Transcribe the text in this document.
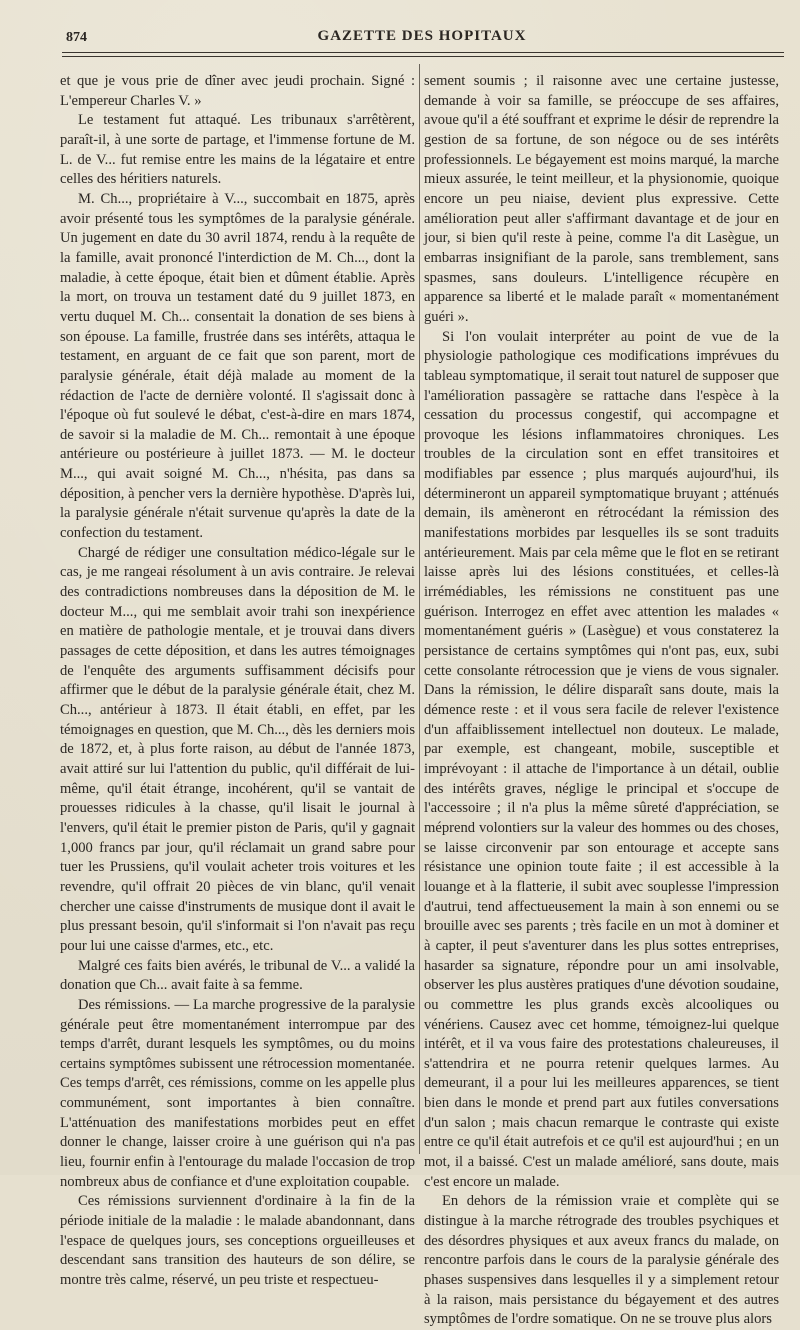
874	GAZETTE DES HOPITAUX

et que je vous prie de dîner avec jeudi prochain. Signé : L'empereur Charles V. »

Le testament fut attaqué. Les tribunaux s'arrêtèrent, paraît-il, à une sorte de partage, et l'immense fortune de M. L. de V... fut remise entre les mains de la légataire et entre celles des héritiers naturels.

M. Ch..., propriétaire à V..., succombait en 1875, après avoir présenté tous les symptômes de la paralysie générale. Un jugement en date du 30 avril 1874, rendu à la requête de la famille, avait prononcé l'interdiction de M. Ch..., dont la maladie, à cette époque, était bien et dûment établie. Après la mort, on trouva un testament daté du 9 juillet 1873, en vertu duquel M. Ch... consentait la donation de ses biens à son épouse. La famille, frustrée dans ses intérêts, attaqua le testament, en arguant de ce fait que son parent, mort de paralysie générale, était déjà malade au moment de la rédaction de l'acte de dernière volonté. Il s'agissait donc à l'époque où fut soulevé le débat, c'est-à-dire en mars 1874, de savoir si la maladie de M. Ch... remontait à une époque antérieure ou postérieure à juillet 1873. — M. le docteur M..., qui avait soigné M. Ch..., n'hésita, pas dans sa déposition, à pencher vers la dernière hypothèse. D'après lui, la paralysie générale n'était survenue qu'après la date de la confection du testament.

Chargé de rédiger une consultation médico-légale sur le cas, je me rangeai résolument à un avis contraire. Je relevai des contradictions nombreuses dans la déposition de M. le docteur M..., qui me semblait avoir trahi son inexpérience en matière de pathologie mentale, et je trouvai dans divers passages de cette déposition, et dans les autres témoignages de l'enquête des arguments suffisamment décisifs pour affirmer que le début de la paralysie générale était, chez M. Ch..., antérieur à 1873. Il était établi, en effet, par les témoignages en question, que M. Ch..., dès les derniers mois de 1872, et, à plus forte raison, au début de l'année 1873, avait attiré sur lui l'attention du public, qu'il différait de lui-même, qu'il était étrange, incohérent, qu'il se vantait de prouesses ridicules à la chasse, qu'il lisait le journal à l'envers, qu'il était le premier piston de Paris, qu'il y gagnait 1,000 francs par jour, qu'il réclamait un grand sabre pour tuer les Prussiens, qu'il voulait acheter trois voitures et les revendre, qu'il offrait 20 pièces de vin blanc, qu'il venait chercher une caisse d'instruments de musique dont il avait le plus pressant besoin, qu'il s'informait si l'on n'avait pas reçu pour lui une caisse d'armes, etc., etc.

Malgré ces faits bien avérés, le tribunal de V... a validé la donation que Ch... avait faite à sa femme.

Des rémissions. — La marche progressive de la paralysie générale peut être momentanément interrompue par des temps d'arrêt, durant lesquels les symptômes, ou du moins certains symptômes subissent une rétrocession momentanée. Ces temps d'arrêt, ces rémissions, comme on les appelle plus communément, sont importantes à bien connaître. L'atténuation des manifestations morbides peut en effet donner le change, laisser croire à une guérison qui n'a pas lieu, fournir enfin à l'entourage du malade l'occasion de trop nombreux abus de confiance et d'une exploitation coupable.

Ces rémissions surviennent d'ordinaire à la fin de la période initiale de la maladie : le malade abandonnant, dans l'espace de quelques jours, ses conceptions orgueilleuses et descendant sans transition des hauteurs de son délire, se montre très calme, réservé, un peu triste et respectueu-

sement soumis ; il raisonne avec une certaine justesse, demande à voir sa famille, se préoccupe de ses affaires, avoue qu'il a été souffrant et exprime le désir de reprendre la gestion de sa fortune, de son négoce ou de ses intérêts professionnels. Le bégayement est moins marqué, la marche mieux assurée, le teint meilleur, et la physionomie, quoique encore un peu niaise, devient plus expressive. Cette amélioration peut aller s'affirmant davantage et de jour en jour, si bien qu'il reste à peine, comme l'a dit Lasègue, un embarras insignifiant de la parole, sans tremblement, sans spasmes, sans douleurs. L'intelligence récupère en apparence sa liberté et le malade paraît « momentanément guéri ».

Si l'on voulait interpréter au point de vue de la physiologie pathologique ces modifications imprévues du tableau symptomatique, il serait tout naturel de supposer que l'amélioration passagère se rattache dans l'espèce à la cessation du processus congestif, qui accompagne et provoque les lésions inflammatoires chroniques. Les troubles de la circulation sont en effet transitoires et modifiables par essence ; plus marqués aujourd'hui, ils détermineront un appareil symptomatique bruyant ; atténués demain, ils amèneront en rétrocédant la rémission des manifestations morbides par lesquelles ils se sont traduits antérieurement. Mais par cela même que le flot en se retirant laisse après lui des lésions constituées, et celles-là irrémédiables, les rémissions ne constituent pas une guérison. Interrogez en effet avec attention les malades « momentanément guéris » (Lasègue) et vous constaterez la persistance de certains symptômes qui n'ont pas, eux, subi cette consolante rétrocession que je viens de vous signaler. Dans la rémission, le délire disparaît sans doute, mais la démence reste : et il vous sera facile de relever l'existence d'un affaiblissement intellectuel non douteux. Le malade, par exemple, est changeant, mobile, susceptible et imprévoyant : il attache de l'importance à un détail, oublie des intérêts graves, néglige le principal et s'occupe de l'accessoire ; il n'a plus la même sûreté d'appréciation, se méprend volontiers sur la valeur des hommes ou des choses, se laisse circonvenir par son entourage et accepte sans résistance une opinion toute faite ; il est accessible à la louange et à la flatterie, il subit avec souplesse l'impression d'autrui, tend affectueusement la main à son ennemi ou se brouille avec ses parents ; très facile en un mot à dominer et à capter, il peut s'aventurer dans les plus sottes entreprises, hasarder sa signature, répondre pour un ami insolvable, observer les plus austères pratiques d'une dévotion soudaine, ou commettre les plus grands excès alcooliques ou vénériens. Causez avec cet homme, témoignez-lui quelque intérêt, et il va vous faire des protestations chaleureuses, il s'attendrira et ne pourra retenir quelques larmes. Au demeurant, il a pour lui les meilleures apparences, se tient bien dans le monde et prend part aux futiles conversations d'un salon ; mais chacun remarque le contraste qui existe entre ce qu'il était autrefois et ce qu'il est aujourd'hui ; en un mot, il a baissé. C'est un malade amélioré, sans doute, mais c'est encore un malade.

En dehors de la rémission vraie et complète qui se distingue à la marche rétrograde des troubles psychiques et des désordres physiques et aux aveux francs du malade, on rencontre parfois dans le cours de la paralysie générale des phases suspensives dans lesquelles il y a simplement retour à la raison, mais persistance du bégayement et des autres symptômes de l'ordre somatique. On ne se trouve plus alors
